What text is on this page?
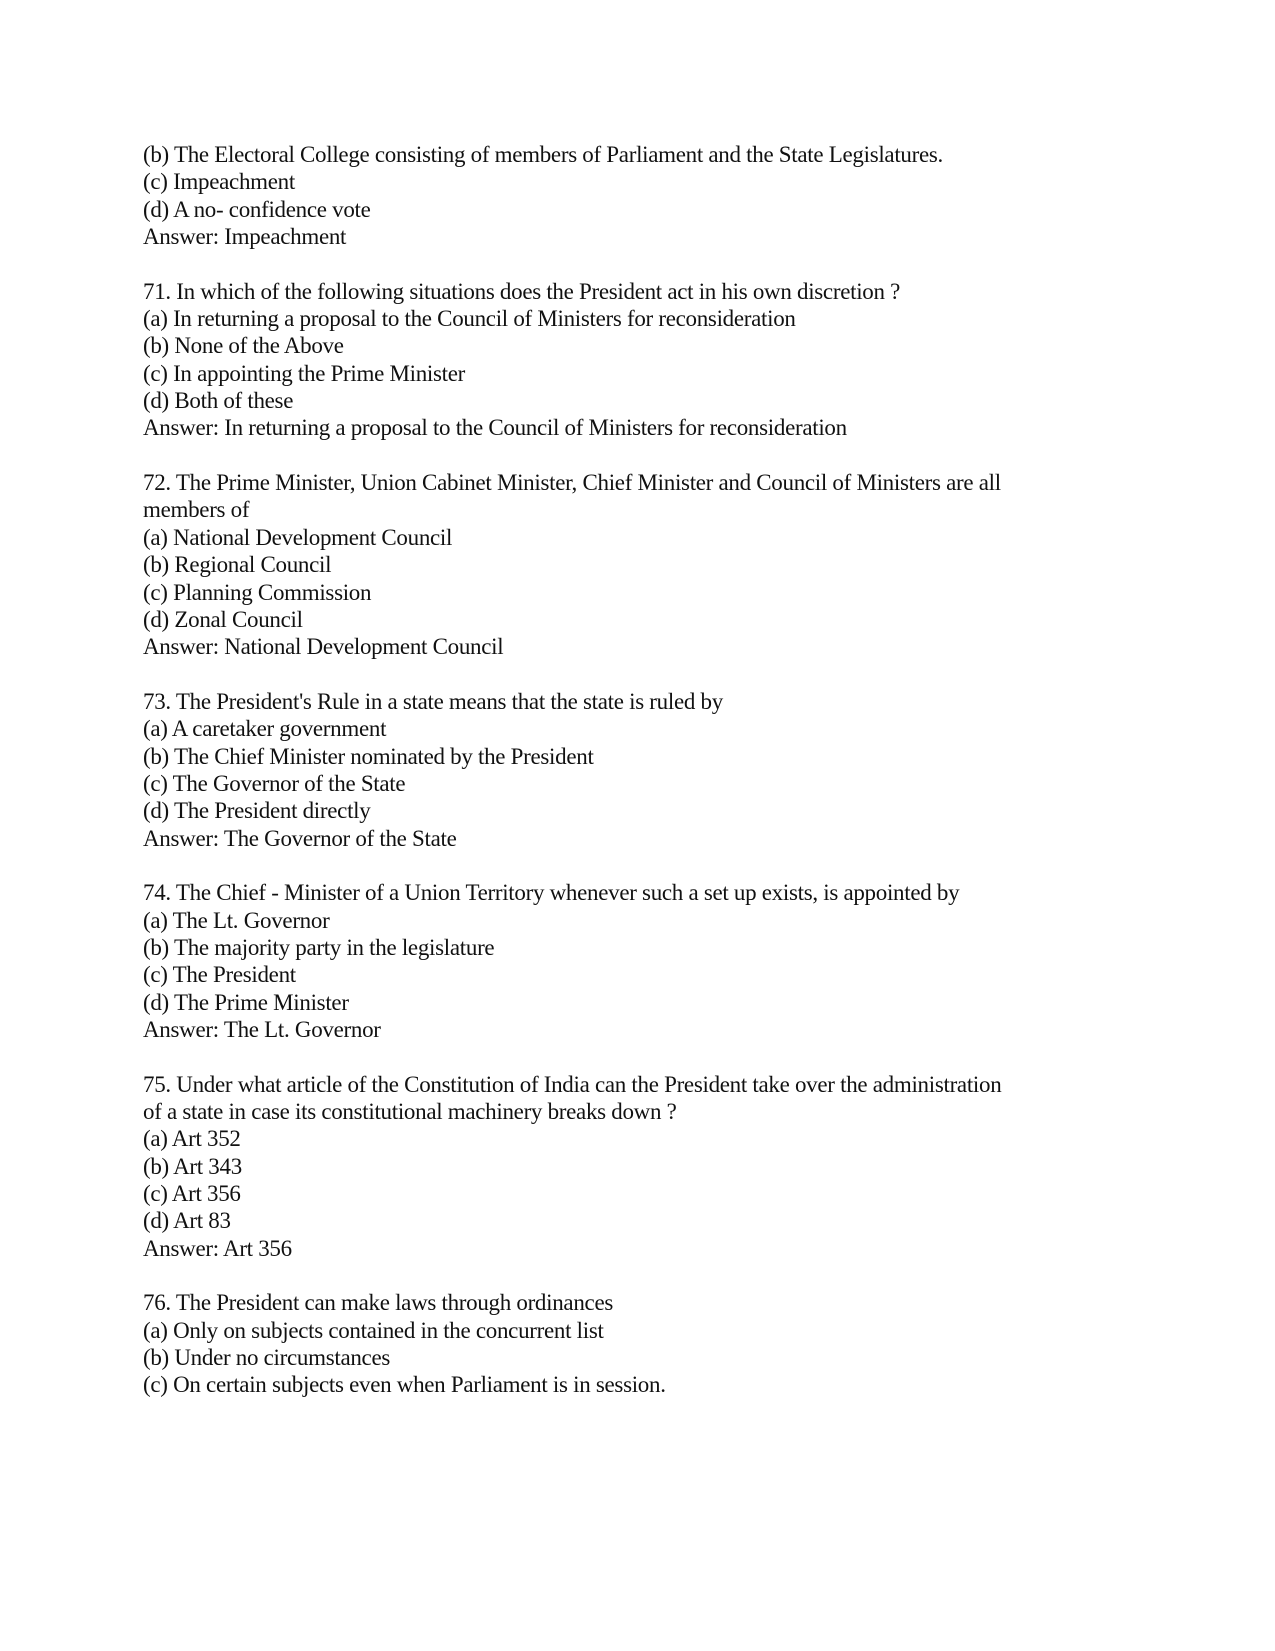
(b) The Electoral College consisting of members of Parliament and the State Legislatures.
(c) Impeachment
(d) A no- confidence vote
Answer: Impeachment
71. In which of the following situations does the President act in his own discretion ?
(a) In returning a proposal to the Council of Ministers for reconsideration
(b) None of the Above
(c) In appointing the Prime Minister
(d) Both of these
Answer: In returning a proposal to the Council of Ministers for reconsideration
72. The Prime Minister, Union Cabinet Minister, Chief Minister and Council of Ministers are all
members of
(a) National Development Council
(b) Regional Council
(c) Planning Commission
(d) Zonal Council
Answer: National Development Council
73. The President's Rule in a state means that the state is ruled by
(a) A caretaker government
(b) The Chief Minister nominated by the President
(c) The Governor of the State
(d) The President directly
Answer: The Governor of the State
74. The Chief - Minister of a Union Territory whenever such a set up exists, is appointed by
(a) The Lt. Governor
(b) The majority party in the legislature
(c) The President
(d) The Prime Minister
Answer: The Lt. Governor
75. Under what article of the Constitution of India can the President take over the administration
of a state in case its constitutional machinery breaks down ?
(a) Art 352
(b) Art 343
(c) Art 356
(d) Art 83
Answer: Art 356
76. The President can make laws through ordinances
(a) Only on subjects contained in the concurrent list
(b) Under no circumstances
(c) On certain subjects even when Parliament is in session.
